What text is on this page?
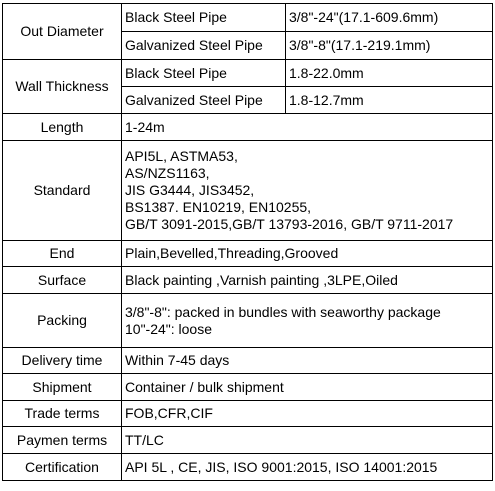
Out Diameter	Black Steel Pipe	3/8"-24"(17.1-609.6mm)
	Galvanized Steel Pipe	3/8"-8"(17.1-219.1mm)
Wall Thickness	Black Steel Pipe	1.8-22.0mm
	Galvanized Steel Pipe	1.8-12.7mm
Length	1-24m	
Standard	API5L, ASTMA53,
AS/NZS1163,
JIS G3444, JIS3452,
BS1387. EN10219, EN10255,
GB/T 3091-2015,GB/T 13793-2016, GB/T 9711-2017	

End	Plain,Bevelled,Threading,Grooved	
Surface	Black painting ,Varnish painting ,3LPE,Oiled	
Packing	3/8"-8": packed in bundles with seaworthy package
10"-24": loose	

Delivery time	Within 7-45 days	
Shipment	Container / bulk shipment	
Trade terms	FOB,CFR,CIF	
Paymen terms	TT/LC	
Certification	API 5L , CE, JIS, ISO 9001:2015, ISO 14001:2015	
